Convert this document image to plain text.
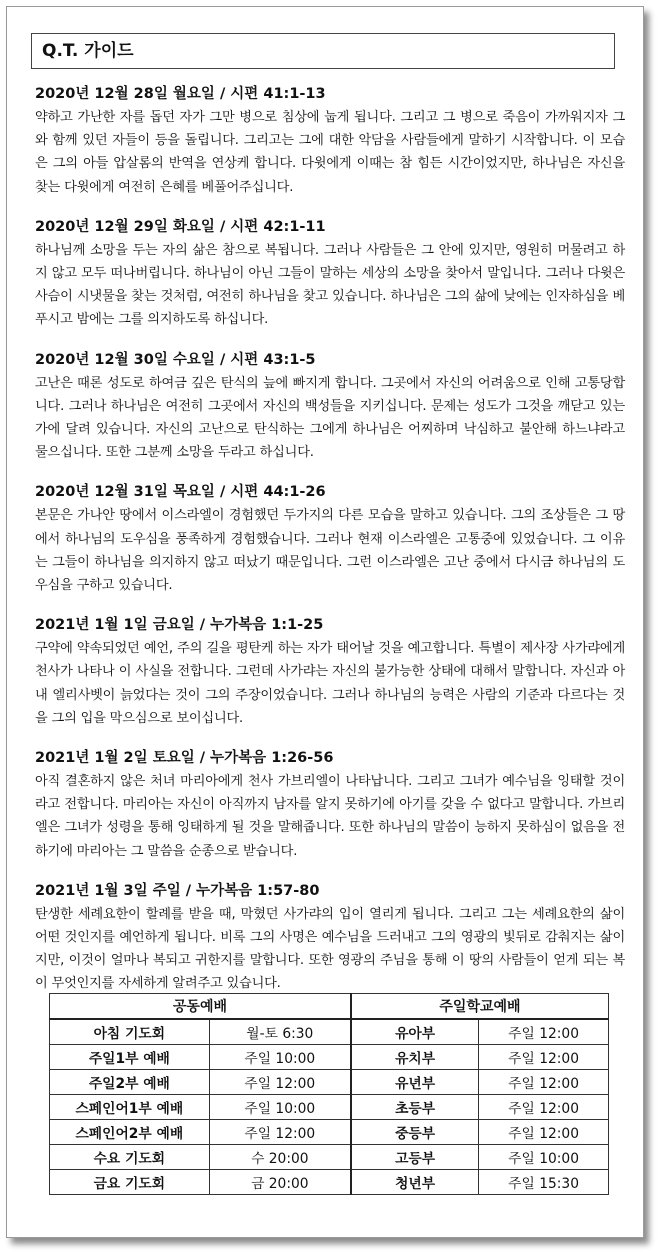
Q.T. 가이드
2020년 12월 28일 월요일 / 시편 41:1-13
약하고 가난한 자를 돕던 자가 그만 병으로 침상에 눕게 됩니다. 그리고 그 병으로 죽음이 가까워지자 그와 함께 있던 자들이 등을 돌립니다. 그리고는 그에 대한 악담을 사람들에게 말하기 시작합니다. 이 모습은 그의 아들 압살롬의 반역을 연상케 합니다. 다윗에게 이때는 참 힘든 시간이었지만, 하나님은 자신을 찾는 다윗에게 여전히 은혜를 베풀어주십니다.
2020년 12월 29일 화요일 / 시편 42:1-11
하나님께 소망을 두는 자의 삶은 참으로 복됩니다. 그러나 사람들은 그 안에 있지만, 영원히 머물려고 하지 않고 모두 떠나버립니다. 하나님이 아닌 그들이 말하는 세상의 소망을 찾아서 말입니다. 그러나 다윗은 사슴이 시냇물을 찾는 것처럼, 여전히 하나님을 찾고 있습니다. 하나님은 그의 삶에 낮에는 인자하심을 베푸시고 밤에는 그를 의지하도록 하십니다.
2020년 12월 30일 수요일 / 시편 43:1-5
고난은 때론 성도로 하여금 깊은 탄식의 늪에 빠지게 합니다. 그곳에서 자신의 어려움으로 인해 고통당합니다. 그러나 하나님은 여전히 그곳에서 자신의 백성들을 지키십니다. 문제는 성도가 그것을 깨닫고 있는가에 달려 있습니다. 자신의 고난으로 탄식하는 그에게 하나님은 어찌하며 낙심하고 불안해 하느냐라고 물으십니다. 또한 그분께 소망을 두라고 하십니다.
2020년 12월 31일 목요일 / 시편 44:1-26
본문은 가나안 땅에서 이스라엘이 경험했던 두가지의 다른 모습을 말하고 있습니다. 그의 조상들은 그 땅에서 하나님의 도우심을 풍족하게 경험했습니다. 그러나 현재 이스라엘은 고통중에 있었습니다. 그 이유는 그들이 하나님을 의지하지 않고 떠났기 때문입니다. 그런 이스라엘은 고난 중에서 다시금 하나님의 도우심을 구하고 있습니다.
2021년 1월 1일 금요일 / 누가복음 1:1-25
구약에 약속되었던 예언, 주의 길을 평탄케 하는 자가 태어날 것을 예고합니다. 특별이 제사장 사가랴에게 천사가 나타나 이 사실을 전합니다. 그런데 사가랴는 자신의 불가능한 상태에 대해서 말합니다. 자신과 아내 엘리사벳이 늙었다는 것이 그의 주장이었습니다. 그러나 하나님의 능력은 사람의 기준과 다르다는 것을 그의 입을 막으심으로 보이십니다.
2021년 1월 2일 토요일 / 누가복음 1:26-56
아직 결혼하지 않은 처녀 마리아에게 천사 가브리엘이 나타납니다. 그리고 그녀가 예수님을 잉태할 것이라고 전합니다. 마리아는 자신이 아직까지 남자를 알지 못하기에 아기를 갖을 수 없다고 말합니다. 가브리엘은 그녀가 성령을 통해 잉태하게 될 것을 말해줍니다. 또한 하나님의 말씀이 능하지 못하심이 없음을 전하기에 마리아는 그 말씀을 순종으로 받습니다.
2021년 1월 3일 주일 / 누가복음 1:57-80
탄생한 세례요한이 할례를 받을 때, 막혔던 사가랴의 입이 열리게 됩니다. 그리고 그는 세례요한의 삶이 어떤 것인지를 예언하게 됩니다. 비록 그의 사명은 예수님을 드러내고 그의 영광의 빛뒤로 감춰지는 삶이지만, 이것이 얼마나 복되고 귀한지를 말합니다. 또한 영광의 주님을 통해 이 땅의 사람들이 얻게 되는 복이 무엇인지를 자세하게 알려주고 있습니다.
공동예배		주일학교예배	
아침 기도회	월-토 6:30	유아부	주일 12:00
주일1부 예배	주일 10:00	유치부	주일 12:00
주일2부 예배	주일 12:00	유년부	주일 12:00
스페인어1부 예배	주일 10:00	초등부	주일 12:00
스페인어2부 예배	주일 12:00	중등부	주일 12:00
수요 기도회	수 20:00	고등부	주일 10:00
금요 기도회	금 20:00	청년부	주일 15:30
